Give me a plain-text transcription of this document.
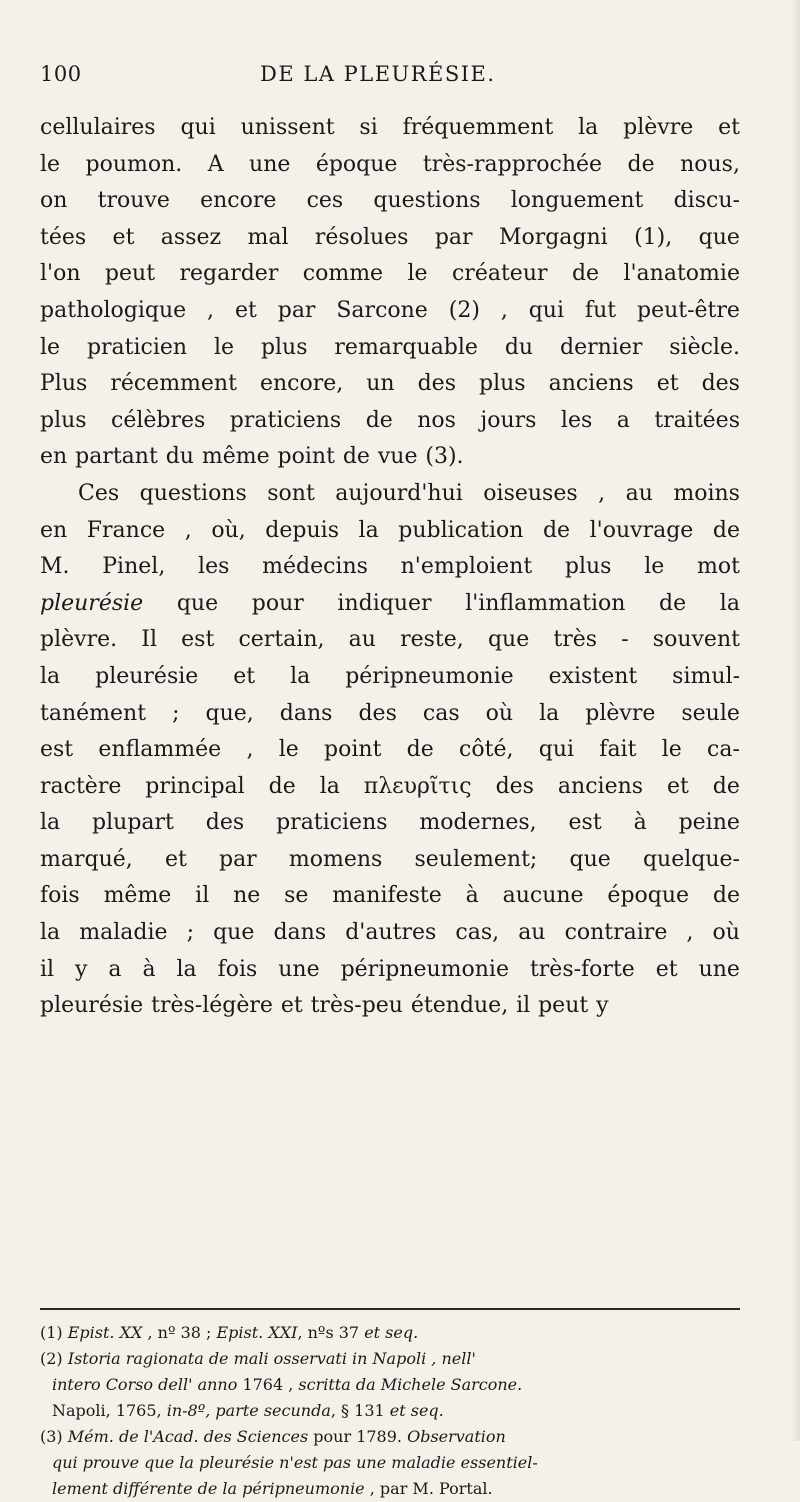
100	DE LA PLEURÉSIE.
cellulaires qui unissent si fréquemment la plèvre et
le poumon. A une époque très-rapprochée de nous,
on trouve encore ces questions longuement discu-
tées et assez mal résolues par Morgagni (1), que
l'on peut regarder comme le créateur de l'anatomie
pathologique , et par Sarcone (2) , qui fut peut-être
le praticien le plus remarquable du dernier siècle.
Plus récemment encore, un des plus anciens et des
plus célèbres praticiens de nos jours les a traitées
en partant du même point de vue (3).
Ces questions sont aujourd'hui oiseuses , au moins
en France , où, depuis la publication de l'ouvrage de
M. Pinel, les médecins n'emploient plus le mot
pleurésie que pour indiquer l'inflammation de la
plèvre. Il est certain, au reste, que très - souvent
la pleurésie et la péripneumonie existent simul-
tanément ; que, dans des cas où la plèvre seule
est enflammée , le point de côté, qui fait le ca-
ractère principal de la πλευρῖτις des anciens et de
la plupart des praticiens modernes, est à peine
marqué, et par momens seulement; que quelque-
fois même il ne se manifeste à aucune époque de
la maladie ; que dans d'autres cas, au contraire , où
il y a à la fois une péripneumonie très-forte et une
pleurésie très-légère et très-peu étendue, il peut y
(1) Epist. XX , nº 38 ; Epist. XXI, nºs 37 et seq.
(2) Istoria ragionata de mali osservati in Napoli , nell'
intero Corso dell' anno 1764 , scritta da Michele Sarcone.
Napoli, 1765, in-8º, parte secunda, § 131 et seq.
(3) Mém. de l'Acad. des Sciences pour 1789. Observation
qui prouve que la pleurésie n'est pas une maladie essentiel-
lement différente de la péripneumonie , par M. Portal.
